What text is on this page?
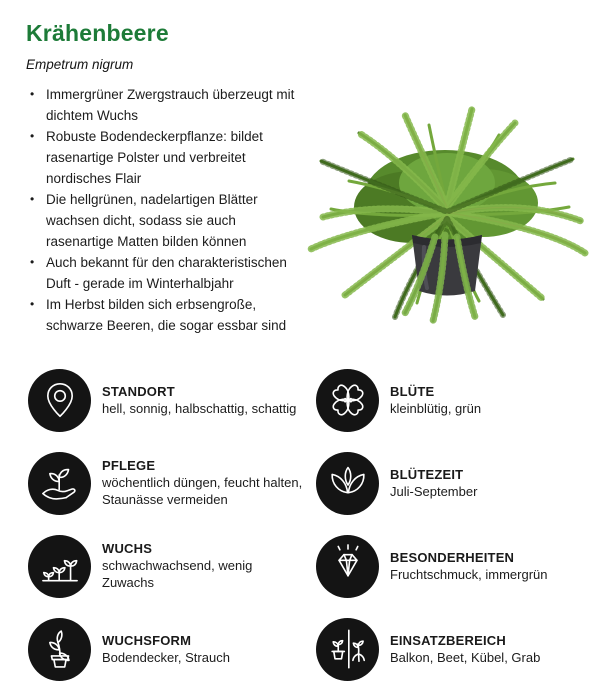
Krähenbeere
Empetrum nigrum
• Immergrüner Zwergstrauch überzeugt mit dichtem Wuchs
• Robuste Bodendeckerpflanze: bildet rasenartige Polster und verbreitet nordisches Flair
• Die hellgrünen, nadelartigen Blätter wachsen dicht, sodass sie auch rasenartige Matten bilden können
• Auch bekannt für den charakteristischen Duft - gerade im Winterhalbjahr
• Im Herbst bilden sich erbsengroße, schwarze Beeren, die sogar essbar sind
STANDORT
hell, sonnig, halbschattig, schattig
BLÜTE
kleinblütig, grün
PFLEGE
wöchentlich düngen, feucht halten, Staunässe vermeiden
BLÜTEZEIT
Juli-September
WUCHS
schwachwachsend, wenig Zuwachs
BESONDERHEITEN
Fruchtschmuck, immergrün
WUCHSFORM
Bodendecker, Strauch
EINSATZBEREICH
Balkon, Beet, Kübel, Grab
